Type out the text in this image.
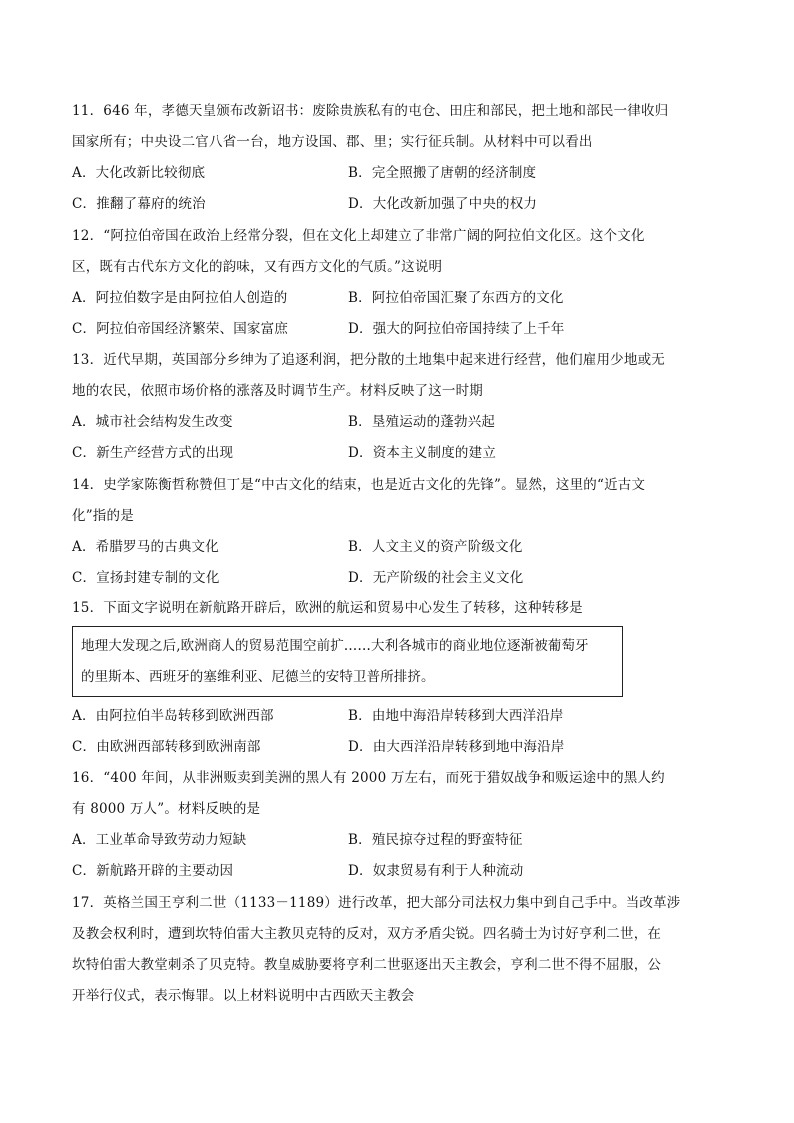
11．646 年，孝德天皇颁布改新诏书：废除贵族私有的屯仓、田庄和部民，把土地和部民一律收归
国家所有；中央设二官八省一台，地方设国、郡、里；实行征兵制。从材料中可以看出
A．大化改新比较彻底	B．完全照搬了唐朝的经济制度
C．推翻了幕府的统治	D．大化改新加强了中央的权力
12．“阿拉伯帝国在政治上经常分裂，但在文化上却建立了非常广阔的阿拉伯文化区。这个文化
区，既有古代东方文化的韵味，又有西方文化的气质。”这说明
A．阿拉伯数字是由阿拉伯人创造的	B．阿拉伯帝国汇聚了东西方的文化
C．阿拉伯帝国经济繁荣、国家富庶	D．强大的阿拉伯帝国持续了上千年
13．近代早期，英国部分乡绅为了追逐利润，把分散的土地集中起来进行经营，他们雇用少地或无
地的农民，依照市场价格的涨落及时调节生产。材料反映了这一时期
A．城市社会结构发生改变	B．垦殖运动的蓬勃兴起
C．新生产经营方式的出现	D．资本主义制度的建立
14．史学家陈衡哲称赞但丁是“中古文化的结束，也是近古文化的先锋”。显然，这里的“近古文
化”指的是
A．希腊罗马的古典文化	B．人文主义的资产阶级文化
C．宣扬封建专制的文化	D．无产阶级的社会主义文化
15．下面文字说明在新航路开辟后，欧洲的航运和贸易中心发生了转移，这种转移是
地理大发现之后,欧洲商人的贸易范围空前扩……大利各城市的商业地位逐渐被葡萄牙
的里斯本、西班牙的塞维利亚、尼德兰的安特卫普所排挤。
A．由阿拉伯半岛转移到欧洲西部	B．由地中海沿岸转移到大西洋沿岸
C．由欧洲西部转移到欧洲南部	D．由大西洋沿岸转移到地中海沿岸
16．“400 年间，从非洲贩卖到美洲的黑人有 2000 万左右，而死于猎奴战争和贩运途中的黑人约
有 8000 万人”。材料反映的是
A．工业革命导致劳动力短缺	B．殖民掠夺过程的野蛮特征
C．新航路开辟的主要动因	D．奴隶贸易有利于人种流动
17．英格兰国王亨利二世（1133－1189）进行改革，把大部分司法权力集中到自己手中。当改革涉
及教会权利时，遭到坎特伯雷大主教贝克特的反对，双方矛盾尖锐。四名骑士为讨好亨利二世，在
坎特伯雷大教堂刺杀了贝克特。教皇威胁要将亨利二世驱逐出天主教会，亨利二世不得不屈服，公
开举行仪式，表示悔罪。以上材料说明中古西欧天主教会
